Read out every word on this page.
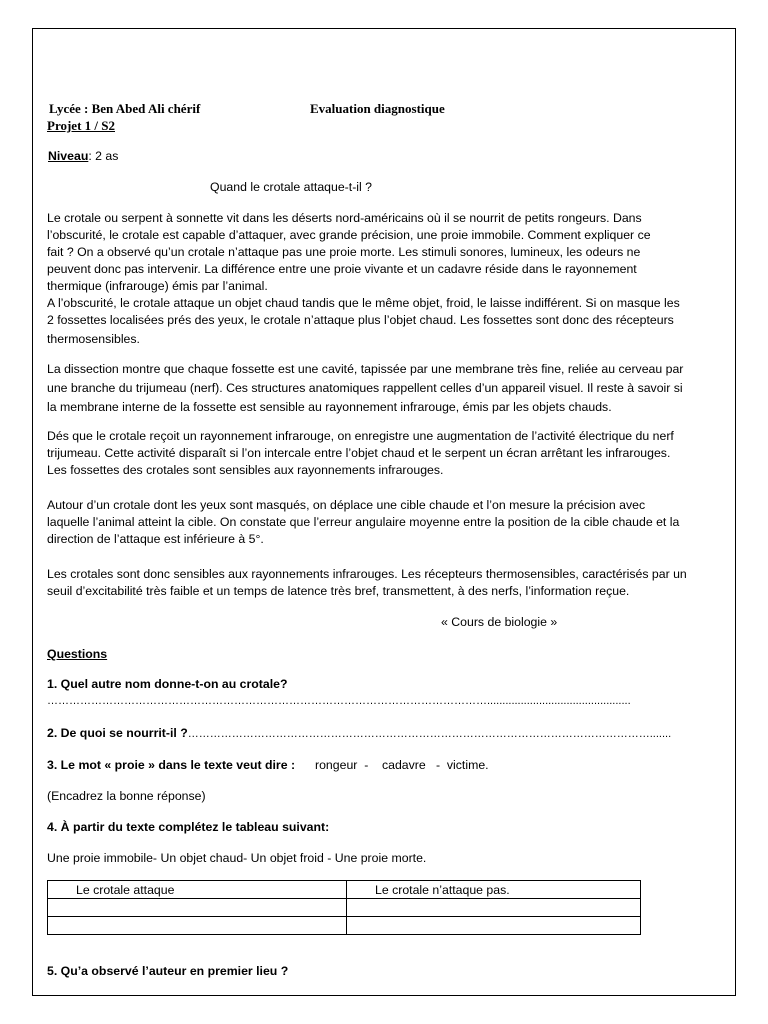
Lycée : Ben Abed Ali chérif	Evaluation diagnostique
Projet 1 / S2
Niveau: 2 as
Quand le crotale attaque-t-il ?
Le crotale ou serpent à sonnette vit dans les déserts nord-américains où il se nourrit de petits rongeurs. Dans
l’obscurité, le crotale est capable d’attaquer, avec grande précision, une proie immobile. Comment expliquer ce
fait ? On a observé qu’un crotale n’attaque pas une proie morte. Les stimuli sonores, lumineux, les odeurs ne
peuvent donc pas intervenir. La différence entre une proie vivante et un cadavre réside dans le rayonnement
thermique (infrarouge) émis par l’animal.
A l’obscurité, le crotale attaque un objet chaud tandis que le même objet, froid, le laisse indifférent. Si on masque les
2 fossettes localisées prés des yeux, le crotale n’attaque plus l’objet chaud. Les fossettes sont donc des récepteurs
thermosensibles.
La dissection montre que chaque fossette est une cavité, tapissée par une membrane très fine, reliée au cerveau par
une branche du trijumeau (nerf). Ces structures anatomiques rappellent celles d’un appareil visuel. Il reste à savoir si
la membrane interne de la fossette est sensible au rayonnement infrarouge, émis par les objets chauds.
Dés que le crotale reçoit un rayonnement infrarouge, on enregistre une augmentation de l’activité électrique du nerf
trijumeau. Cette activité disparaît si l’on intercale entre l’objet chaud et le serpent un écran arrêtant les infrarouges.
Les fossettes des crotales sont sensibles aux rayonnements infrarouges.
Autour d’un crotale dont les yeux sont masqués, on déplace une cible chaude et l’on mesure la précision avec
laquelle l’animal atteint la cible. On constate que l’erreur angulaire moyenne entre la position de la cible chaude et la
direction de l’attaque est inférieure à 5°.
Les crotales sont donc sensibles aux rayonnements infrarouges. Les récepteurs thermosensibles, caractérisés par un
seuil d’excitabilité très faible et un temps de latence très bref, transmettent, à des nerfs, l’information reçue.
« Cours de biologie »
Questions
1. Quel autre nom donne-t-on au crotale?
…………………………………………………………………………………………………………...............................................
2. De quoi se nourrit-il ?……………………………………………………………………………………………………………….......
3. Le mot « proie » dans le texte veut dire : rongeur  -    cadavre   -  victime.
(Encadrez la bonne réponse)
4. À partir du texte complétez le tableau suivant:
Une proie immobile- Un objet chaud- Un objet froid - Une proie morte.
Le crotale attaque	Le crotale n’attaque pas.

5. Qu’a observé l’auteur en premier lieu ?
